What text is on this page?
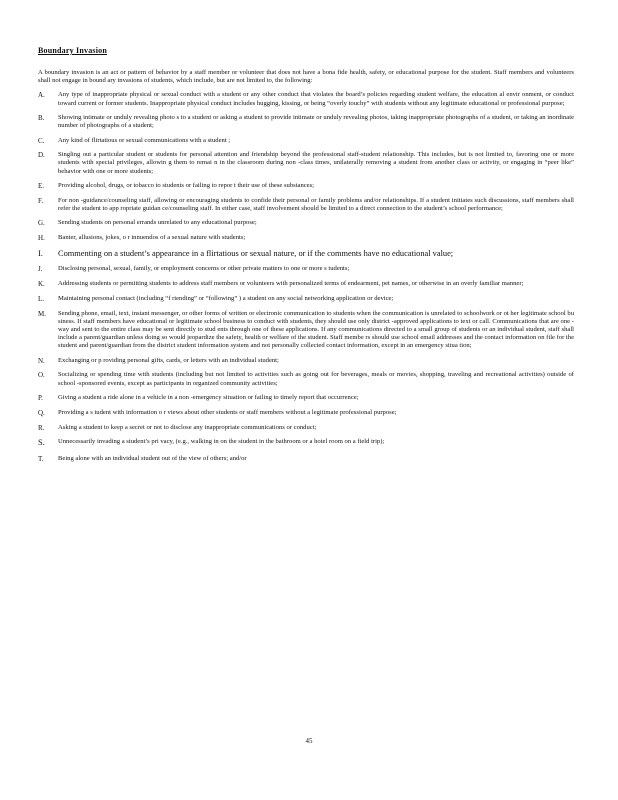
Boundary Invasion

A boundary invasion is an act or pattern of behavior by a staff member or volunteer that does not have a bona fide health, safety, or educational purpose for the student. Staff members and volunteers shall not engage in bound ary invasions of students, which include, but are not limited to, the following:

A.	Any type of inappropriate physical or sexual conduct with a student or any other conduct that violates the board’s policies regarding student welfare, the education al envir onment, or conduct toward current or former students. Inappropriate physical conduct includes hugging, kissing, or being “overly touchy” with students without any legitimate educational or professional purpose;
B.	Showing intimate or unduly revealing photo s to a student or asking a student to provide intimate or unduly revealing photos, taking inappropriate photographs of a student, or taking an inordinate number of photographs of a student;
C.	Any kind of flirtatious or sexual communications with a student ;
D.	Singling out a particular student or students for personal attention and friendship beyond the professional staff-student relationship. This includes, but is not limited to, favoring one or more students with special privileges, allowin g them to remai n in the classroom during non -class times, unilaterally removing a student from another class or activity, or engaging in “peer like” behavior with one or more students;
E.	Providing alcohol, drugs, or tobacco to students or failing to repor t their use of these substances;
F.	For non -guidance/counseling staff, allowing or encouraging students to confide their personal or family problems and/or relationships. If a student initiates such discussions, staff members shall refer the student to app ropriate guidan ce/counseling staff. In either case, staff involvement should be limited to a direct connection to the student’s school performance;
G.	Sending students on personal errands unrelated to any educational purpose;
H.	Banter, allusions, jokes, o r innuendos of a sexual nature with students;
I.	Commenting on a student’s appearance in a flirtatious or sexual nature, or if the comments have no educational value;
J.	Disclosing personal, sexual, family, or employment concerns or other private matters to one or more s tudents;
K.	Addressing students or permitting students to address staff members or volunteers with personalized terms of endearment, pet names, or otherwise in an overly familiar manner;
L.	Maintaining personal contact (including “f riending” or “following” ) a student on any social networking application or device;
M.	Sending phone, email, text, instant messenger, or other forms of written or electronic communication to students when the communication is unrelated to schoolwork or ot her legitimate school bu siness. If staff members have educational or legitimate school business to conduct with students, they should use only district -approved applications to text or call. Communications that are one -way and sent to the entire class may be sent directly to stud ents through one of these applications. If any communications directed to a small group of students or an individual student, staff shall include a parent/guardian unless doing so would jeopardize the safety, health or welfare of the student. Staff membe rs should use school email addresses and the contact information on file for the student and parent/guardian from the district student information system and not personally collected contact information, except in an emergency situa tion;
N.	Exchanging or p roviding personal gifts, cards, or letters with an individual student;
O.	Socializing or spending time with students (including but not limited to activities such as going out for beverages, meals or movies, shopping, traveling and recreational activities) outside of school -sponsored events, except as participants in organized community activities;
P.	Giving a student a ride alone in a vehicle in a non -emergency situation or failing to timely report that occurrence;
Q.	Providing a s tudent with information o r views about other students or staff members without a legitimate professional purpose;
R.	Asking a student to keep a secret or not to disclose any inappropriate communications or conduct;
S.	Unnecessarily invading a student’s pri vacy, (e.g., walking in on the student in the bathroom or a hotel room on a field trip);
T.	Being alone with an individual student out of the view of others; and/or
45
